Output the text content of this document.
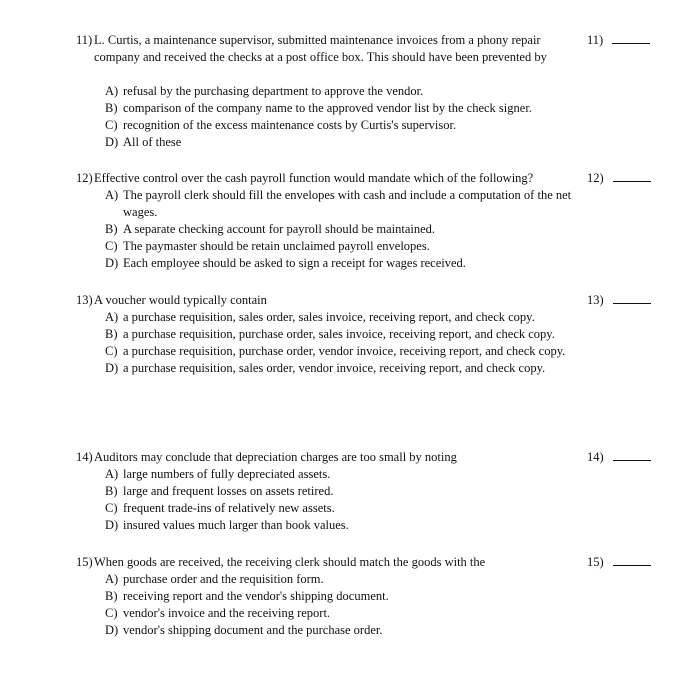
11) L. Curtis, a maintenance supervisor, submitted maintenance invoices from a phony repair company and received the checks at a post office box. This should have been prevented by
11)
A) refusal by the purchasing department to approve the vendor.
B) comparison of the company name to the approved vendor list by the check signer.
C) recognition of the excess maintenance costs by Curtis's supervisor.
D) All of these
12) Effective control over the cash payroll function would mandate which of the following?	12)
A) The payroll clerk should fill the envelopes with cash and include a computation of the net wages.
B) A separate checking account for payroll should be maintained.
C) The paymaster should be retain unclaimed payroll envelopes.
D) Each employee should be asked to sign a receipt for wages received.
13) A voucher would typically contain	13)
A) a purchase requisition, sales order, sales invoice, receiving report, and check copy.
B) a purchase requisition, purchase order, sales invoice, receiving report, and check copy.
C) a purchase requisition, purchase order, vendor invoice, receiving report, and check copy.
D) a purchase requisition, sales order, vendor invoice, receiving report, and check copy.
14) Auditors may conclude that depreciation charges are too small by noting	14)
A) large numbers of fully depreciated assets.
B) large and frequent losses on assets retired.
C) frequent trade-ins of relatively new assets.
D) insured values much larger than book values.
15) When goods are received, the receiving clerk should match the goods with the	15)
A) purchase order and the requisition form.
B) receiving report and the vendor's shipping document.
C) vendor's invoice and the receiving report.
D) vendor's shipping document and the purchase order.
